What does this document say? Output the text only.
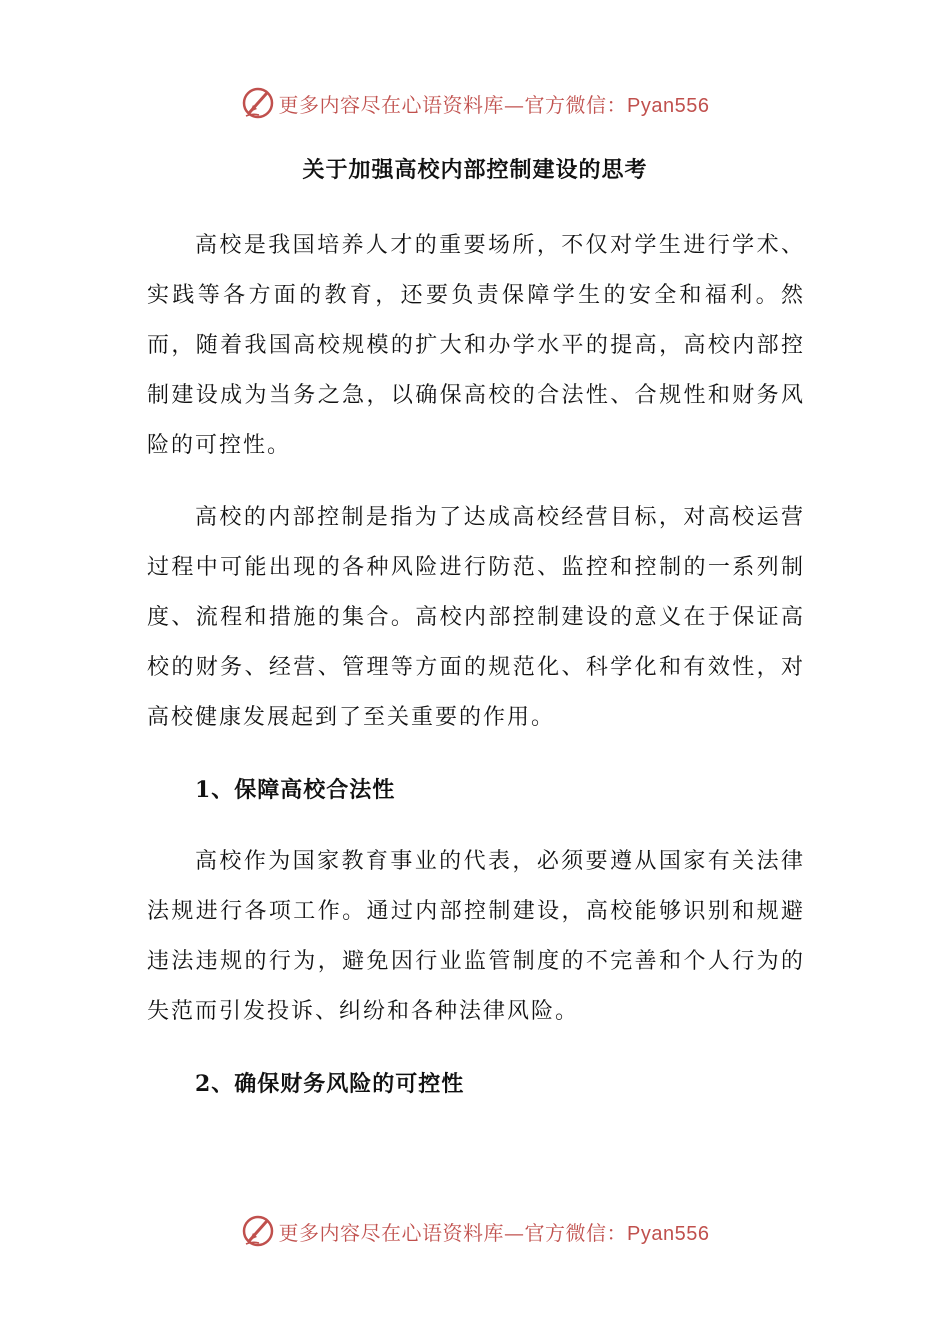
更多内容尽在心语资料库—官方微信：Pyan556
关于加强高校内部控制建设的思考

高校是我国培养人才的重要场所，不仅对学生进行学术、实践等各方面的教育，还要负责保障学生的安全和福利。然而，随着我国高校规模的扩大和办学水平的提高，高校内部控制建设成为当务之急，以确保高校的合法性、合规性和财务风险的可控性。

高校的内部控制是指为了达成高校经营目标，对高校运营过程中可能出现的各种风险进行防范、监控和控制的一系列制度、流程和措施的集合。高校内部控制建设的意义在于保证高校的财务、经营、管理等方面的规范化、科学化和有效性，对高校健康发展起到了至关重要的作用。

1、保障高校合法性

高校作为国家教育事业的代表，必须要遵从国家有关法律法规进行各项工作。通过内部控制建设，高校能够识别和规避违法违规的行为，避免因行业监管制度的不完善和个人行为的失范而引发投诉、纠纷和各种法律风险。

2、确保财务风险的可控性

更多内容尽在心语资料库—官方微信：Pyan556
